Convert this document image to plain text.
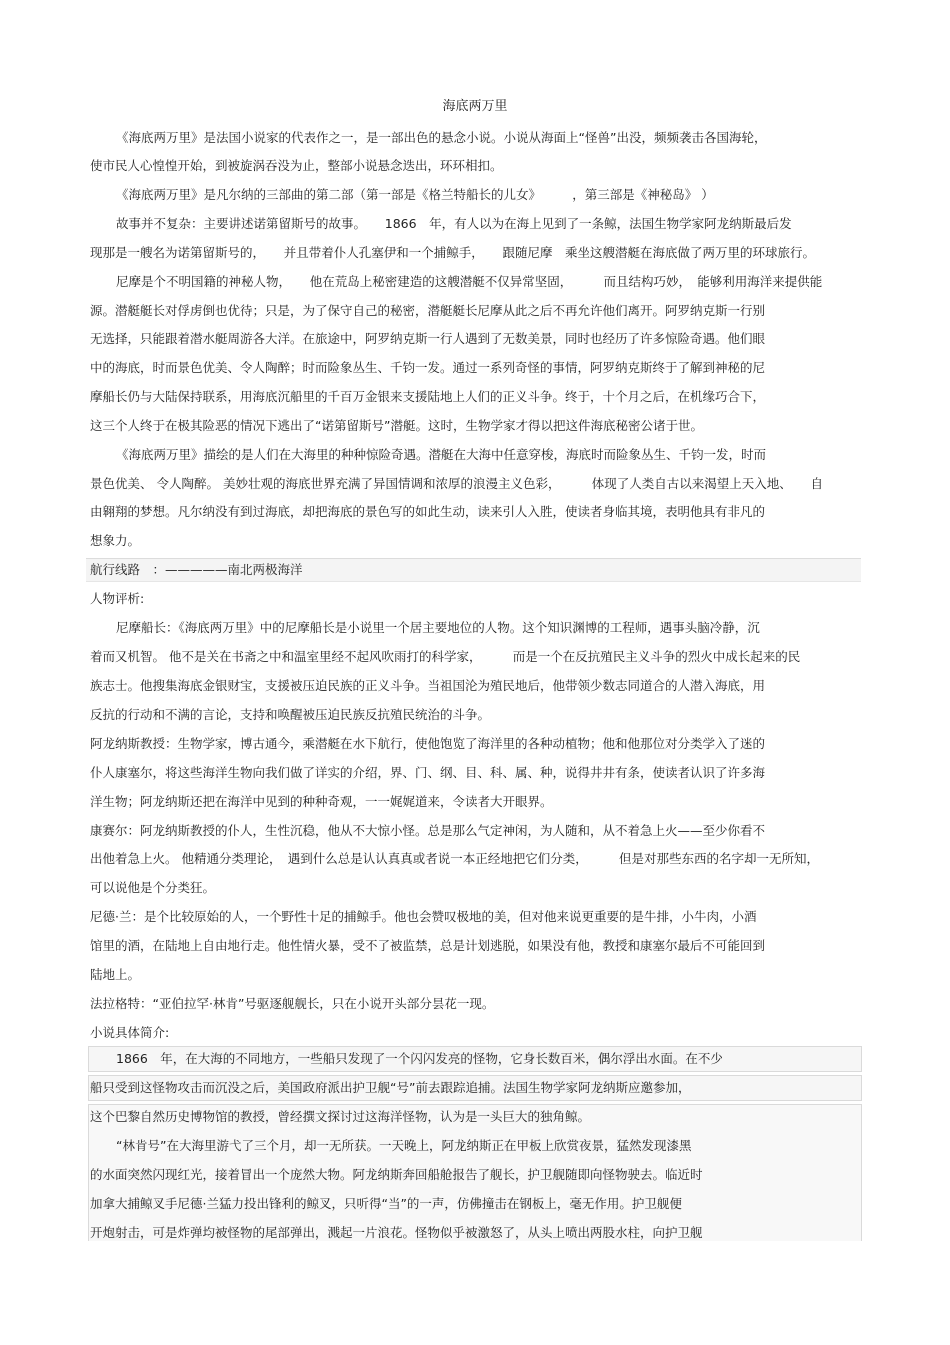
海底两万里
《海底两万里》是法国小说家的代表作之一，是一部出色的悬念小说。小说从海面上“怪兽”出没，频频袭击各国海轮，
使市民人心惶惶开始，到被旋涡吞没为止，整部小说悬念迭出，环环相扣。
《海底两万里》是凡尔纳的三部曲的第二部（第一部是《格兰特船长的儿女》　　　，第三部是《神秘岛》 ）
故事并不复杂：主要讲述诺第留斯号的故事。　　1866　年，有人以为在海上见到了一条鲸，法国生物学家阿龙纳斯最后发
现那是一艘名为诺第留斯号的，　　并且带着仆人孔塞伊和一个捕鲸手，　　跟随尼摩　乘坐这艘潜艇在海底做了两万里的环球旅行。
尼摩是个不明国籍的神秘人物，　　他在荒岛上秘密建造的这艘潜艇不仅异常坚固，　　　而且结构巧妙，　能够利用海洋来提供能
源。潜艇艇长对俘虏倒也优待；只是，为了保守自己的秘密，潜艇艇长尼摩从此之后不再允许他们离开。阿罗纳克斯一行别
无选择，只能跟着潜水艇周游各大洋。在旅途中，阿罗纳克斯一行人遇到了无数美景，同时也经历了许多惊险奇遇。他们眼
中的海底，时而景色优美、令人陶醉；时而险象丛生、千钧一发。通过一系列奇怪的事情，阿罗纳克斯终于了解到神秘的尼
摩船长仍与大陆保持联系，用海底沉船里的千百万金银来支援陆地上人们的正义斗争。终于，十个月之后，在机缘巧合下，
这三个人终于在极其险恶的情况下逃出了“诺第留斯号”潜艇。这时，生物学家才得以把这件海底秘密公诸于世。
《海底两万里》描绘的是人们在大海里的种种惊险奇遇。潜艇在大海中任意穿梭，海底时而险象丛生、千钧一发，时而
景色优美、 令人陶醉。 美妙壮观的海底世界充满了异国情调和浓厚的浪漫主义色彩，　　　体现了人类自古以来渴望上天入地、　　自
由翱翔的梦想。凡尔纳没有到过海底，却把海底的景色写的如此生动，读来引人入胜，使读者身临其境，表明他具有非凡的
想象力。
航行线路　：—————南北两极海洋
人物评析:
尼摩船长：《海底两万里》中的尼摩船长是小说里一个居主要地位的人物。这个知识渊博的工程师，遇事头脑冷静，沉
着而又机智。 他不是关在书斋之中和温室里经不起风吹雨打的科学家，　　　而是一个在反抗殖民主义斗争的烈火中成长起来的民
族志士。他搜集海底金银财宝，支援被压迫民族的正义斗争。当祖国沦为殖民地后，他带领少数志同道合的人潜入海底，用
反抗的行动和不满的言论，支持和唤醒被压迫民族反抗殖民统治的斗争。
阿龙纳斯教授：生物学家，博古通今，乘潜艇在水下航行，使他饱览了海洋里的各种动植物；他和他那位对分类学入了迷的
仆人康塞尔，将这些海洋生物向我们做了详实的介绍，界、门、纲、目、科、属、种，说得井井有条，使读者认识了许多海
洋生物；阿龙纳斯还把在海洋中见到的种种奇观，一一娓娓道来，令读者大开眼界。
康赛尔：阿龙纳斯教授的仆人，生性沉稳，他从不大惊小怪。总是那么气定神闲，为人随和，从不着急上火——至少你看不
出他着急上火。 他精通分类理论，　遇到什么总是认认真真或者说一本正经地把它们分类，　　　但是对那些东西的名字却一无所知，
可以说他是个分类狂。
尼德·兰：是个比较原始的人，一个野性十足的捕鲸手。他也会赞叹极地的美，但对他来说更重要的是牛排，小牛肉，小酒
馆里的酒，在陆地上自由地行走。他性情火暴，受不了被监禁，总是计划逃脱，如果没有他，教授和康塞尔最后不可能回到
陆地上。
法拉格特：“亚伯拉罕·林肯”号驱逐舰舰长，只在小说开头部分昙花一现。
小说具体简介:
1866　年，在大海的不同地方，一些船只发现了一个闪闪发亮的怪物，它身长数百米，偶尔浮出水面。在不少
船只受到这怪物攻击而沉没之后，美国政府派出护卫舰“号”前去跟踪追捕。法国生物学家阿龙纳斯应邀参加，
这个巴黎自然历史博物馆的教授，曾经撰文探讨过这海洋怪物，认为是一头巨大的独角鲸。
“林肯号”在大海里游弋了三个月，却一无所获。一天晚上，阿龙纳斯正在甲板上欣赏夜景，猛然发现漆黑
的水面突然闪现红光，接着冒出一个庞然大物。阿龙纳斯奔回船舱报告了舰长，护卫舰随即向怪物驶去。临近时
加拿大捕鲸叉手尼德·兰猛力投出锋利的鲸叉，只听得“当”的一声，仿佛撞击在钢板上，毫无作用。护卫舰便
开炮射击，可是炸弹均被怪物的尾部弹出，溅起一片浪花。怪物似乎被激怒了，从头上喷出两股水柱，向护卫舰
